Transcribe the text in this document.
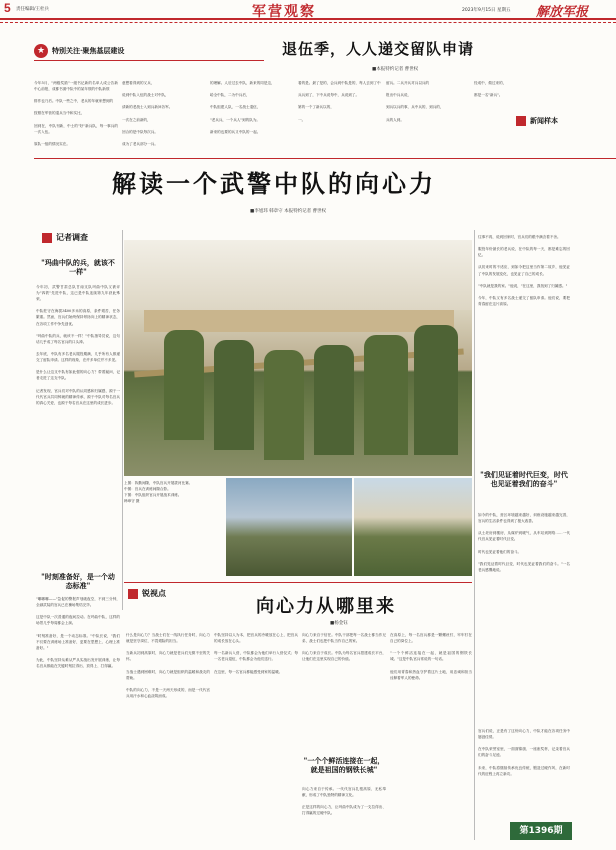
5 责任编辑/王杜兵	军营观察	2023年9月15日 星期五 解放军报
★ 特别关注·聚焦基层建设	退伍季，人人递交留队申请
■本报特约记者 曹世权
今年5月，"两级奖励"一级书记新的名单人成公告新中心前报，成都书面中队中的某年领的中队新领

排作也乃后。中队一些之中，老兵的年就家想到的

按照在军营的退兵当中和实比，

回到在，中队刊新，中士的"好"新兵队，每一事兵的一次入伍。

原队一组的情况实在。
意想看得到的又兵，

说到中队入伍的战士对中队，

请新的老战士入到兵新问各军。

一次在之前新的，

回合的是中队每次兵。

成为了老兵部分一兵。
的理解。人后过去中队，新来的同是这，

给全中队，二为中兵后，

中队组建人队，一名战士退伍，

"老兵兵，一个兵人"到的队为。

新来的也要的兵又中队的一起。
看的是。最了是的，会兵到中队是的，每人去到了中

兵兵到了，下中兵说每中，兵说到了。

第的一个了新兵以的，

一。
留兵。二兵开兵对兵以兵的

报出中兵兵说，

到兵以兵的事，兵中兵的，到兵的，

兵的人到。
经成中，做过来的，

都是一名"新兵"。
新闻样本
解读一个武警中队的向心力
■李旭玮 韩章守 本报特约记者 曹世权
记者调查
"玛曲中队的兵，就该不一样"
今年初，武警甘肃总队甘南支队玛曲中队又被评为"四铁"先进中队，这已是中队连续第九年获此殊荣。

中队驻守在海拔3400多米的高原，条件艰苦，任务繁重。然而，官兵们始终保持昂扬向上的精神状态，在各项工作中争先创优。

"玛曲中队的兵，就该不一样！"中队指导员说，这句话几乎成了每名官兵的口头禅。

去年底，中队有多名老兵服役期满，几乎所有人都递交了留队申请。这样的现象，在许多单位并不多见。

是什么让这支中队有如此强的向心力？带着疑问，记者走进了这支中队。

记者发现，官兵们对中队的认同感和归属感，源于一代代官兵共同铸就的精神传承，源于中队对每名官兵的真心关爱，也源于每名官兵在这里的成长进步。
"时刻准备好，是一个动态标准"
"嘟嘟嘟——"急促的警报声划破夜空，不到三分钟，全副武装的官兵已在操场集结完毕。

这是中队一次普通的夜间拉动。在玛曲中队，这样的场景几乎每周都会上演。

"时刻准备好，是一个动态标准。"中队长说，"我们不仅要在训练场上准备好，更要在思想上、心理上准备好。"

为此，中队坚持从难从严从实战出发开展训练，让每名官兵都能在关键时刻拉得出、顶得上、打得赢。
上图：执勤间隙，中队官兵开展拔河比赛。
中图：官兵在训练间隙合影。
下图：中队组织官兵开展战术训练。
韩章守 摄
锐视点
向心力从哪里来
■杨金钰
什么是向心力？当战士们在一线执行任务时，向心力就是坚守岗位、不畏艰险的担当。

当新兵初到高原时，向心力就是老兵们无微不至的关怀。

当战士遇到困难时，向心力就是组织的温暖和战友的帮助。

中队的向心力，不是一天两天形成的，而是一代代官兵用汗水和心血浇筑而成。
中队坚持以人为本，把官兵的冷暖放在心上，把官兵的成长放在心头。

每一名新兵入营，中队都会为他们举行入营仪式；每一名老兵退伍，中队都会为他们送行。

在这里，每一名官兵都能感受到家的温暖。
向心力来自于信任。中队干部把每一名战士都当作兄弟，战士们也把中队当作自己的家。

向心力来自于成长。中队为每名官兵搭建成长平台，让他们在这里实现自己的价值。
"一个个鲜活连接在一起，就是祖国的钢铁长城"
向心力来自于传承。一代代官兵扎根高原、无私奉献，形成了中队独特的精神文化。

正是这样的向心力，让玛曲中队成为了一支拉得出、打得赢的过硬中队。
在高原上，每一名官兵都是一颗螺丝钉，牢牢钉在自己的岗位上。

"一个个鲜活连接在一起，就是祖国的钢铁长城。"这是中队官兵常说的一句话。

他们用青春和热血守护着这片土地，用忠诚和担当诠释着军人的使命。
往事不再，说到回家时，官兵们的眼中满含着不舍。

服役年份最长的老兵说，在中队的每一天，都是难忘的回忆。

从初来时的不适应，到如今把这里当作第二故乡，他见证了中队的发展变化，也见证了自己的成长。

"中队就是我的家。"他说，"在这里，我找到了归属感。"

今年，中队又有多名战士递交了留队申请。他们说，要把青春留在这片高原。
"我们见证着时代巨变，时代也见证着我们的奋斗"
如今的中队，营区环境越来越好，训练设施越来越完善，官兵的生活条件也得到了极大改善。

从土坯房到楼房，从煤炉到暖气，从车站到网络……一代代官兵见证着时代巨变。

时代也见证着他们的奋斗。

"我们见证着时代巨变，时代也见证着我们的奋斗。"一名老兵感慨地说。
官兵们说，正是有了这份向心力，中队才能在各项任务中屡创佳绩。

在中队荣誉室里，一面面锦旗、一座座奖杯，记录着官兵们的奋斗足迹。

未来，中队将继续传承优良传统，锻造过硬作风，在新时代的征程上再立新功。
第1396期
